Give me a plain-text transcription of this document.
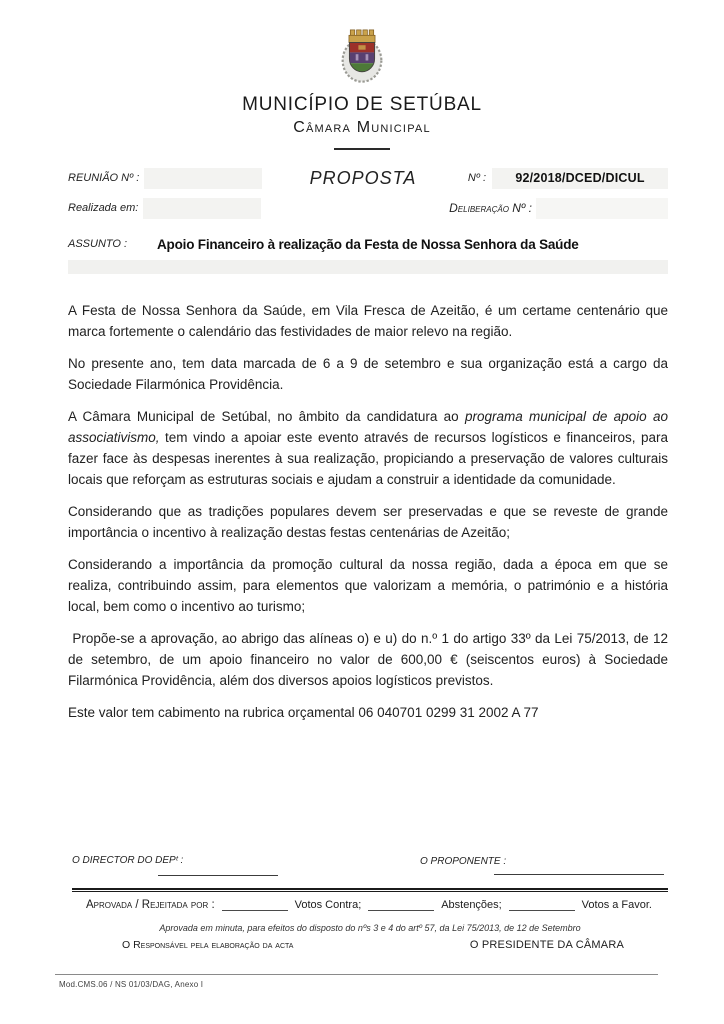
MUNICÍPIO DE SETÚBAL
Câmara Municipal
REUNIÃO Nº :	PROPOSTA	Nº : 92/2018/DCED/DICUL
Realizada em:	Deliberação Nº :
ASSUNTO :	Apoio Financeiro à realização da Festa de Nossa Senhora da Saúde

A Festa de Nossa Senhora da Saúde, em Vila Fresca de Azeitão, é um certame centenário que marca fortemente o calendário das festividades de maior relevo na região.

No presente ano, tem data marcada de 6 a 9 de setembro e sua organização está a cargo da Sociedade Filarmónica Providência.

A Câmara Municipal de Setúbal, no âmbito da candidatura ao programa municipal de apoio ao associativismo, tem vindo a apoiar este evento através de recursos logísticos e financeiros, para fazer face às despesas inerentes à sua realização, propiciando a preservação de valores culturais locais que reforçam as estruturas sociais e ajudam a construir a identidade da comunidade.

Considerando que as tradições populares devem ser preservadas e que se reveste de grande importância o incentivo à realização destas festas centenárias de Azeitão;

Considerando a importância da promoção cultural da nossa região, dada a época em que se realiza, contribuindo assim, para elementos que valorizam a memória, o património e a história local, bem como o incentivo ao turismo;

Propõe-se a aprovação, ao abrigo das alíneas o) e u) do n.º 1 do artigo 33º da Lei 75/2013, de 12 de setembro, de um apoio financeiro no valor de 600,00 € (seiscentos euros) à Sociedade Filarmónica Providência, além dos diversos apoios logísticos previstos.

Este valor tem cabimento na rubrica orçamental 06 040701 0299 31 2002 A 77

O DIRECTOR DO DEPᵗ :	O PROPONENTE :
Aprovada / Rejeitada por :	Votos Contra;	Abstenções;	Votos a Favor.
Aprovada em minuta, para efeitos do disposto do nºs 3 e 4 do artº 57, da Lei 75/2013, de 12 de Setembro
O Responsável pela elaboração da acta	O PRESIDENTE DA CÂMARA
Mod.CMS.06 / NS 01/03/DAG, Anexo I
